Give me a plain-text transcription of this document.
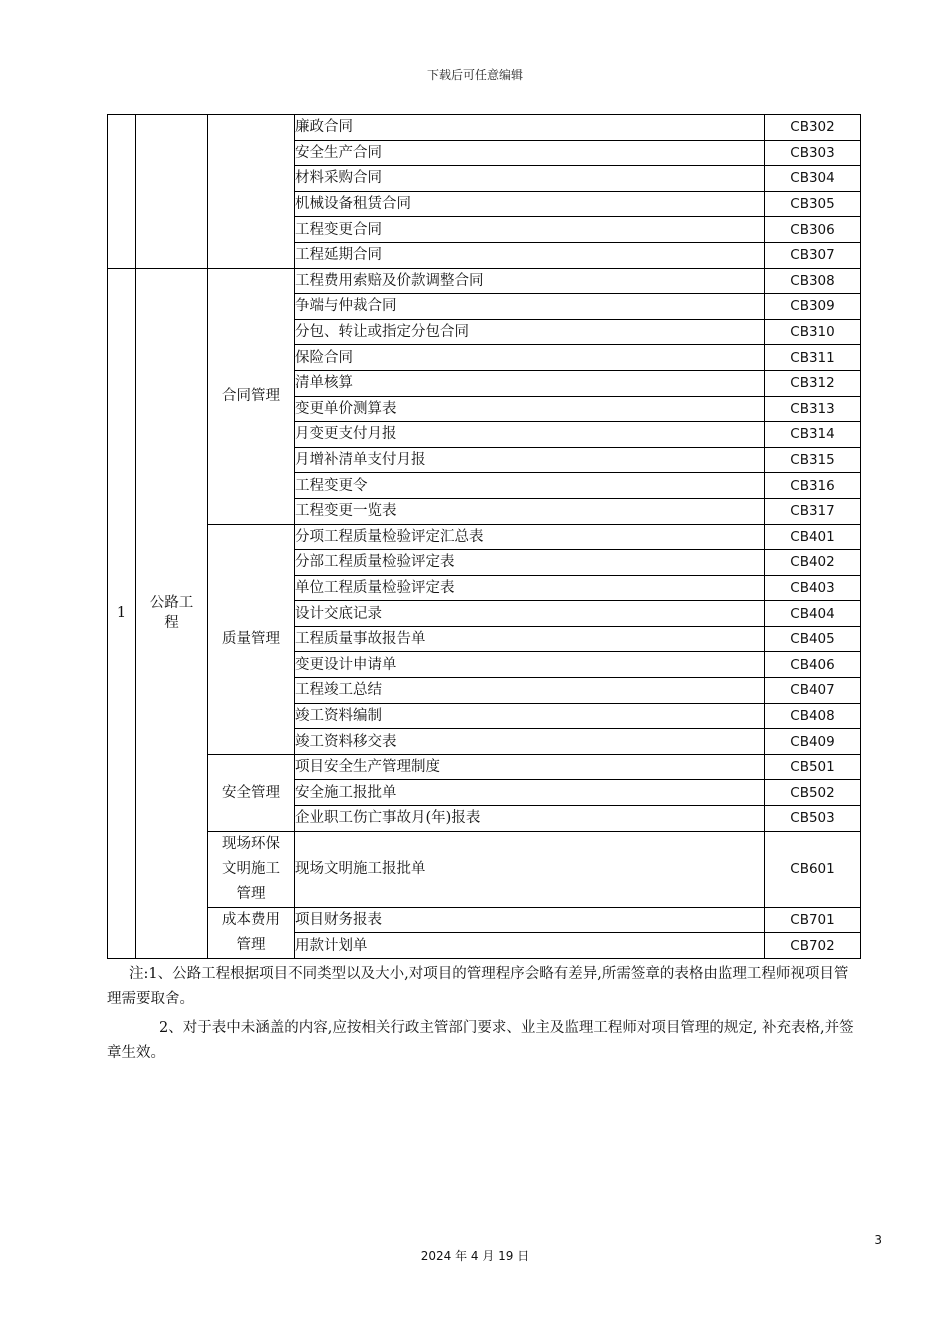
下载后可任意编辑
			廉政合同	CB302
			安全生产合同	CB303
			材料采购合同	CB304
			机械设备租赁合同	CB305
			工程变更合同	CB306
			工程延期合同	CB307
1	公路工程	合同管理	工程费用索赔及价款调整合同	CB308
			争端与仲裁合同	CB309
			分包、转让或指定分包合同	CB310
			保险合同	CB311
			清单核算	CB312
			变更单价测算表	CB313
			月变更支付月报	CB314
			月增补清单支付月报	CB315
			工程变更令	CB316
			工程变更一览表	CB317
		质量管理	分项工程质量检验评定汇总表	CB401
			分部工程质量检验评定表	CB402
			单位工程质量检验评定表	CB403
			设计交底记录	CB404
			工程质量事故报告单	CB405
			变更设计申请单	CB406
			工程竣工总结	CB407
			竣工资料编制	CB408
			竣工资料移交表	CB409
		安全管理	项目安全生产管理制度	CB501
			安全施工报批单	CB502
			企业职工伤亡事故月(年)报表	CB503

		现场环保文明施工管理	现场文明施工报批单	CB601

		成本费用管理	项目财务报表	CB701
			用款计划单	CB702

注:1、公路工程根据项目不同类型以及大小,对项目的管理程序会略有差异,所需签章的表格由监理工程师视项目管理需要取舍。

2、对于表中未涵盖的内容,应按相关行政主管部门要求、业主及监理工程师对项目管理的规定, 补充表格,并签章生效。

3
2024 年 4 月 19 日
